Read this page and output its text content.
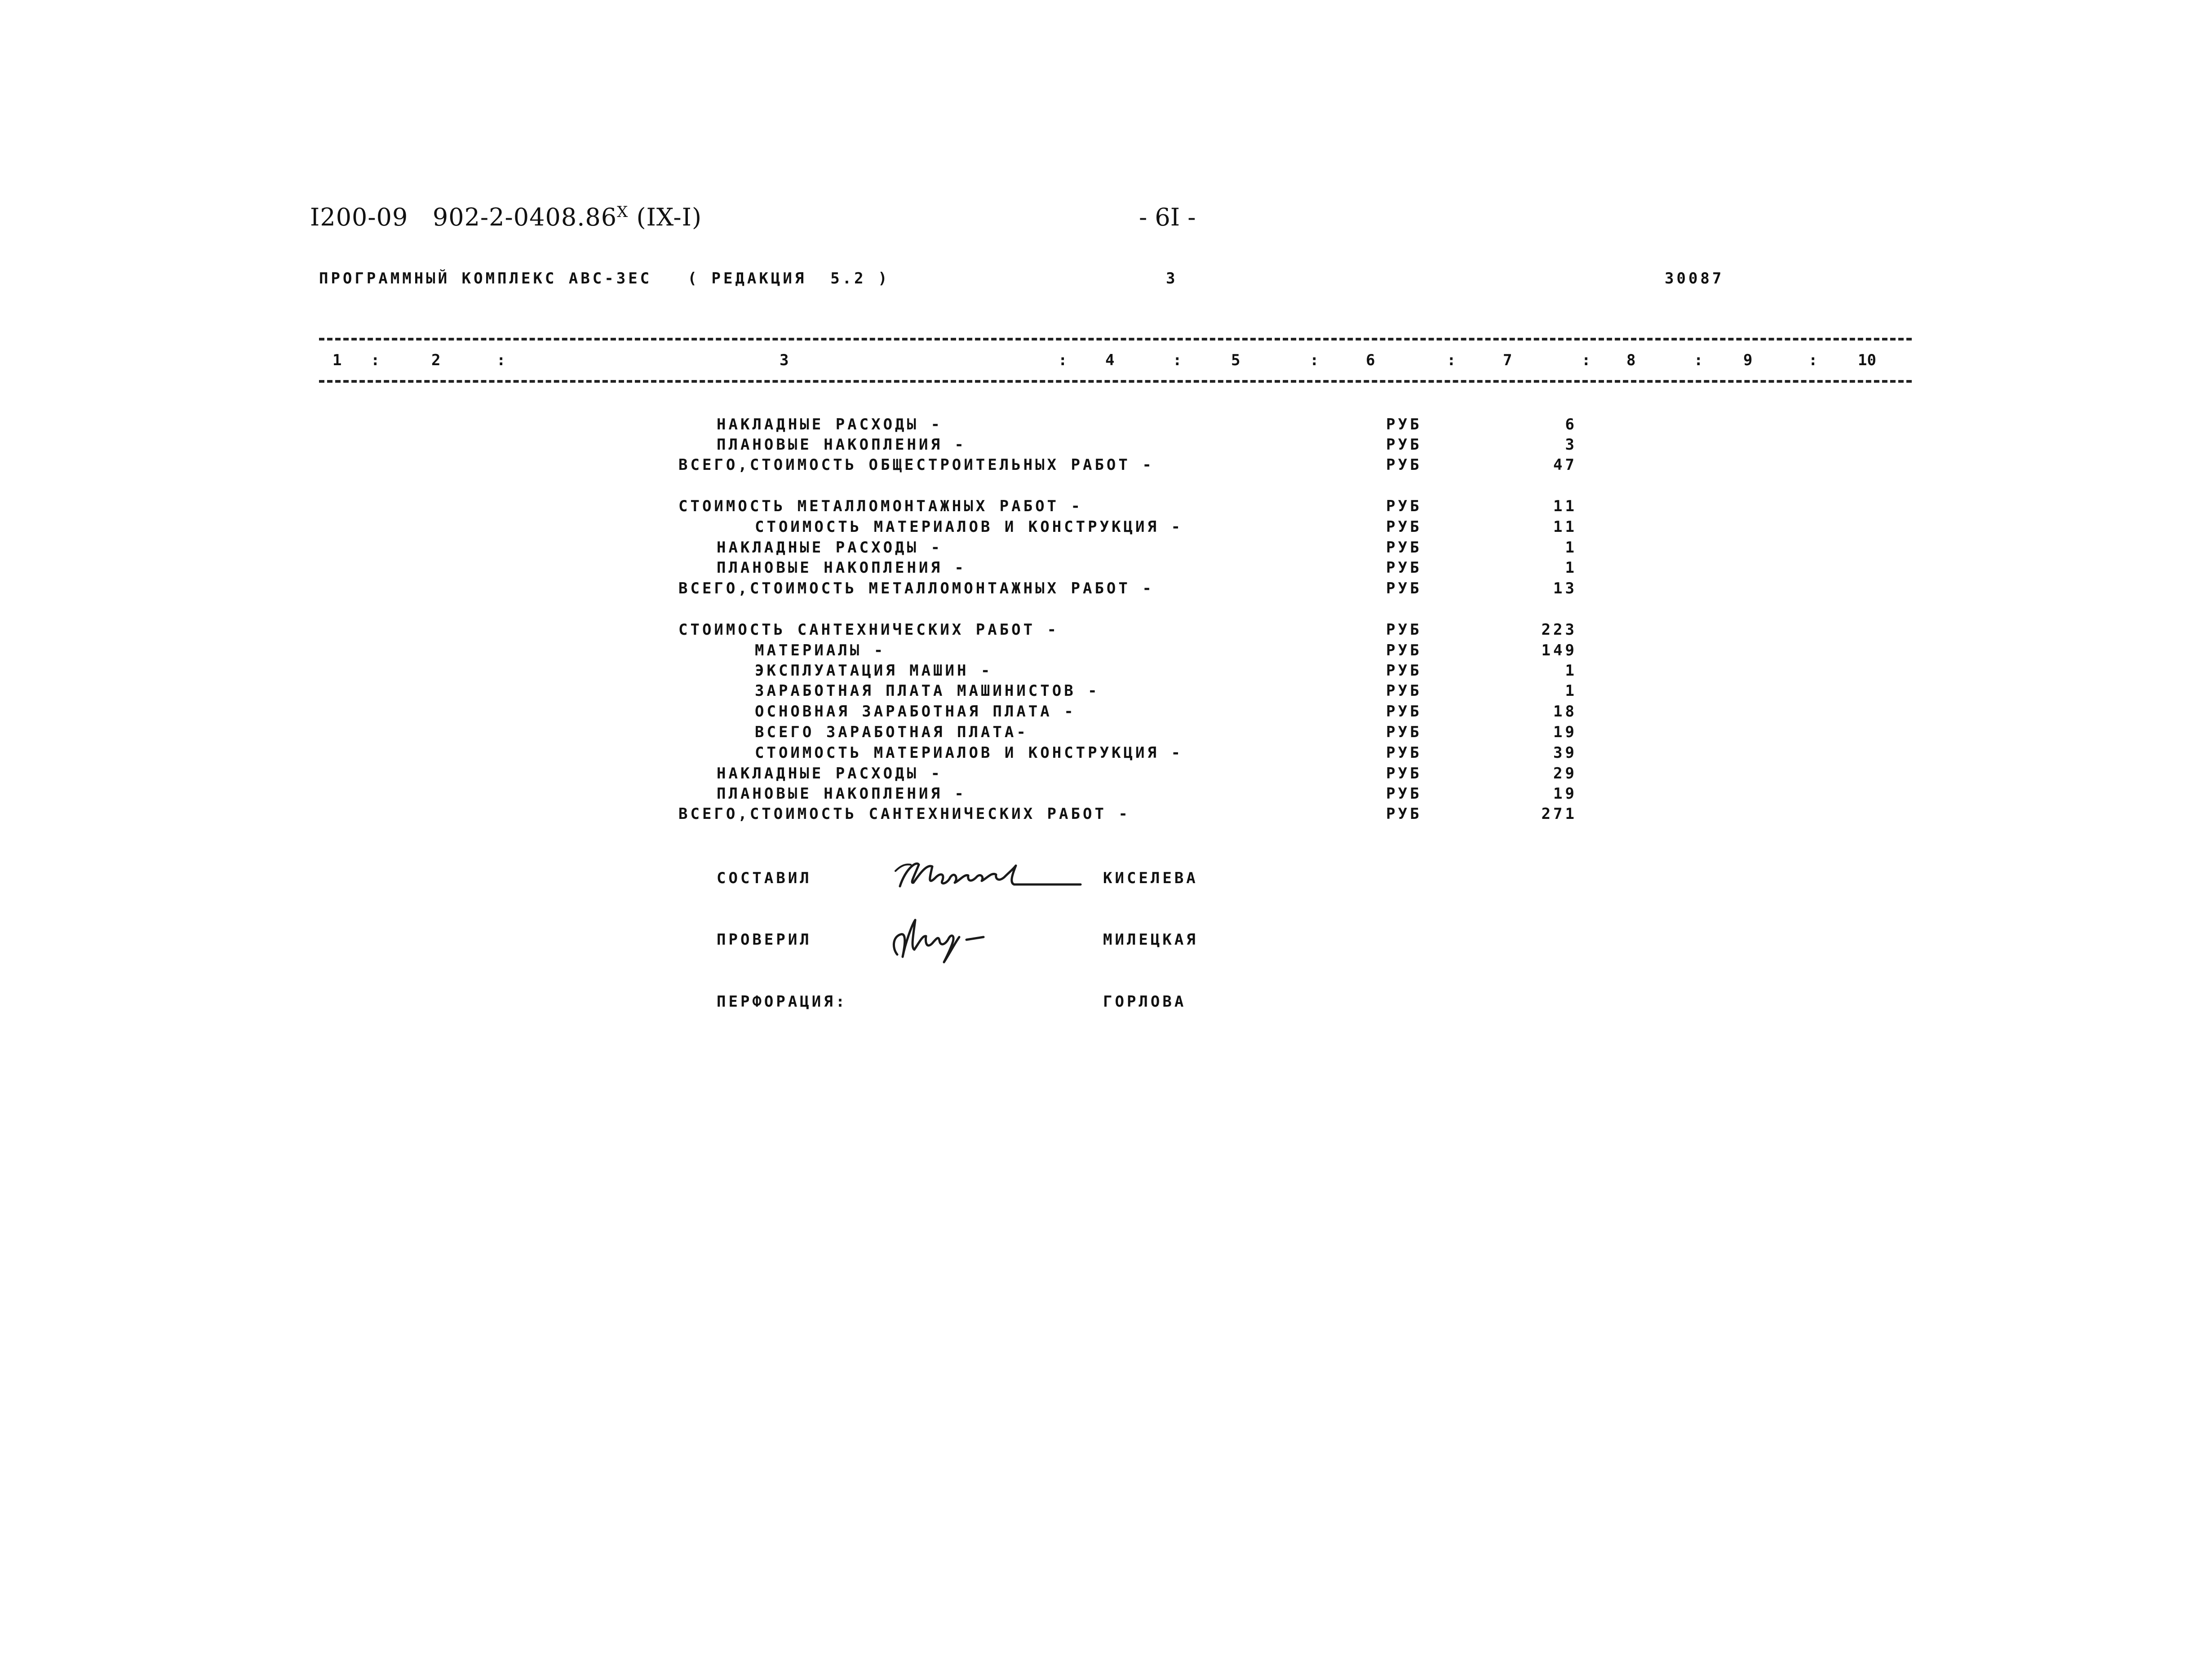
I200-09   $902-2-0408.86^X$ (IX-I)	- 6I -
ПРОГРАММНЫЙ КОМПЛЕКС АВС-3ЕС   ( РЕДАКЦИЯ  5.2 )	3	30087
1 :	2	:	3	: 4	:	5	:	6	:	7	: 8	:	9	:	10
НАКЛАДНЫЕ РАСХОДЫ -	РУБ	6
ПЛАНОВЫЕ НАКОПЛЕНИЯ -	РУБ	3
ВСЕГО,СТОИМОСТЬ ОБЩЕСТРОИТЕЛЬНЫХ РАБОТ -	РУБ	47
СТОИМОСТЬ МЕТАЛЛОМОНТАЖНЫХ РАБОТ -	РУБ	11
СТОИМОСТЬ МАТЕРИАЛОВ И КОНСТРУКЦИЯ -	РУБ	11
НАКЛАДНЫЕ РАСХОДЫ -	РУБ	1
ПЛАНОВЫЕ НАКОПЛЕНИЯ -	РУБ	1
ВСЕГО,СТОИМОСТЬ МЕТАЛЛОМОНТАЖНЫХ РАБОТ -	РУБ	13
СТОИМОСТЬ САНТЕХНИЧЕСКИХ РАБОТ -	РУБ	223
МАТЕРИАЛЫ -	РУБ	149
ЭКСПЛУАТАЦИЯ МАШИН -	РУБ	1
ЗАРАБОТНАЯ ПЛАТА МАШИНИСТОВ -	РУБ	1
ОСНОВНАЯ ЗАРАБОТНАЯ ПЛАТА -	РУБ	18
ВСЕГО ЗАРАБОТНАЯ ПЛАТА-	РУБ	19
СТОИМОСТЬ МАТЕРИАЛОВ И КОНСТРУКЦИЯ -	РУБ	39
НАКЛАДНЫЕ РАСХОДЫ -	РУБ	29
ПЛАНОВЫЕ НАКОПЛЕНИЯ -	РУБ	19
ВСЕГО,СТОИМОСТЬ САНТЕХНИЧЕСКИХ РАБОТ -	РУБ	271
СОСТАВИЛ	КИСЕЛЕВА
ПРОВЕРИЛ	МИЛЕЦКАЯ
ПЕРФОРАЦИЯ:	ГОРЛОВА
